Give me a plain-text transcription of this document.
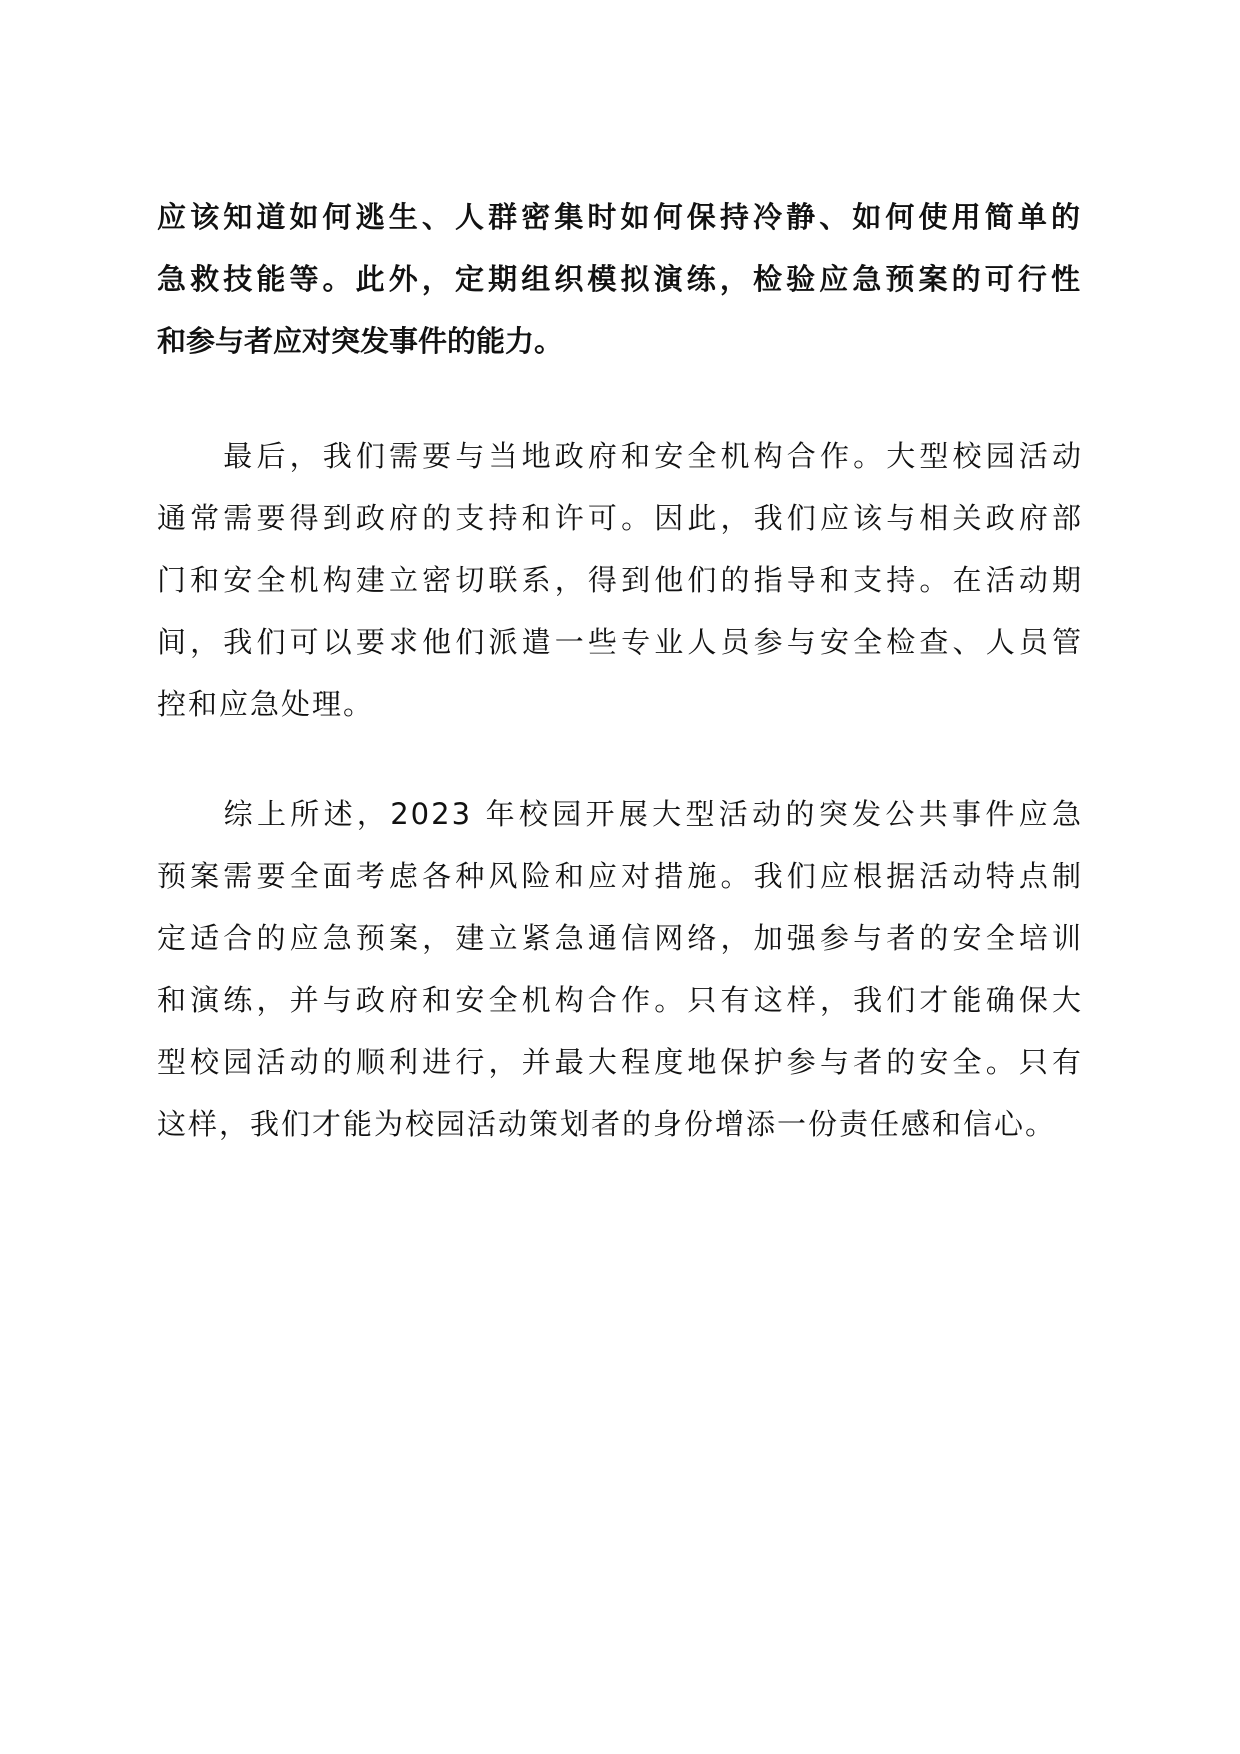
应该知道如何逃生、人群密集时如何保持冷静、如何使用简单的
急救技能等。此外，定期组织模拟演练，检验应急预案的可行性
和参与者应对突发事件的能力。

　　最后，我们需要与当地政府和安全机构合作。大型校园活动
通常需要得到政府的支持和许可。因此，我们应该与相关政府部
门和安全机构建立密切联系，得到他们的指导和支持。在活动期
间，我们可以要求他们派遣一些专业人员参与安全检查、人员管
控和应急处理。

　　综上所述，2023 年校园开展大型活动的突发公共事件应急
预案需要全面考虑各种风险和应对措施。我们应根据活动特点制
定适合的应急预案，建立紧急通信网络，加强参与者的安全培训
和演练，并与政府和安全机构合作。只有这样，我们才能确保大
型校园活动的顺利进行，并最大程度地保护参与者的安全。只有
这样，我们才能为校园活动策划者的身份增添一份责任感和信心。
